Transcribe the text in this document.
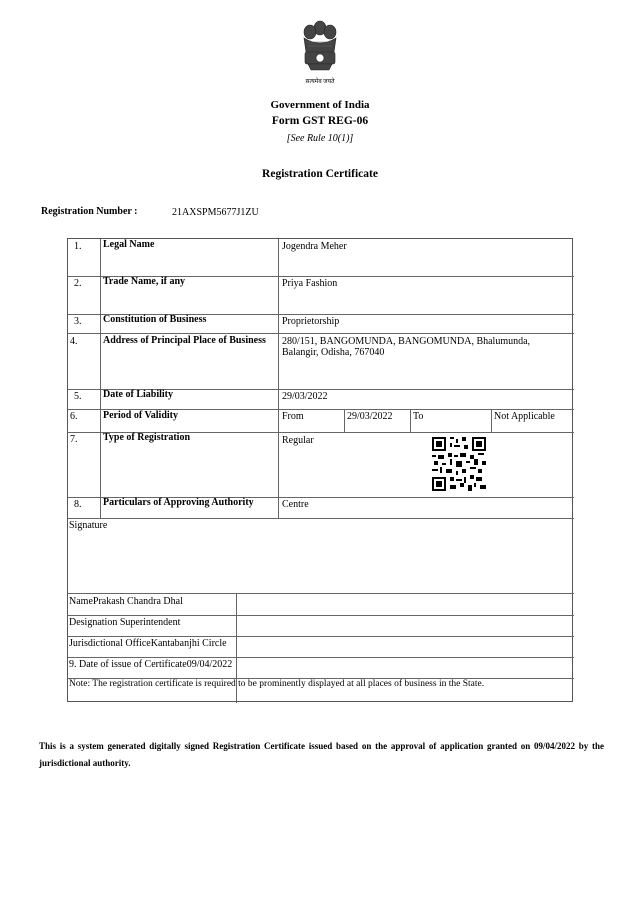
सत्यमेव जयते
Government of India
Form GST REG-06
[See Rule 10(1)]
Registration Certificate
Registration Number :	21AXSPM5677J1ZU
1. Legal Name	Jogendra Meher
2. Trade Name, if any	Priya Fashion
3. Constitution of Business	Proprietorship
4.	Address of Principal Place of Business	280/151, BANGOMUNDA, BANGOMUNDA, Bhalumunda, Balangir, Odisha, 767040
5. Date of Liability	29/03/2022
6.	Period of Validity	From	29/03/2022 To	Not Applicable
7.	Type of Registration	Regular
8. Particulars of Approving Authority	Centre
Signature
NamePrakash Chandra Dhal
Designation Superintendent
Jurisdictional OfficeKantabanjhi Circle
9. Date of issue of Certificate09/04/2022
Note: The registration certificate is required to be prominently displayed at all places of business in the State.
This is a system generated digitally signed Registration Certificate issued based on the approval of application granted on 09/04/2022 by the jurisdictional authority.
